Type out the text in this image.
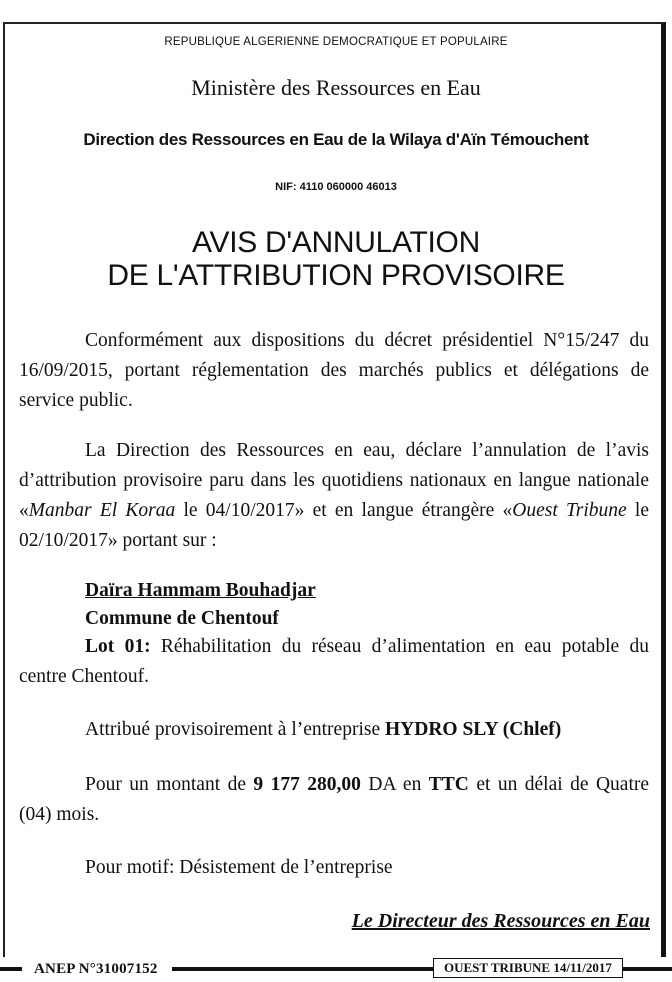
REPUBLIQUE ALGERIENNE DEMOCRATIQUE ET POPULAIRE
Ministère des Ressources en Eau
Direction des Ressources en Eau de la Wilaya d'Aïn Témouchent
NIF: 4110 060000 46013
AVIS D'ANNULATION
DE L'ATTRIBUTION PROVISOIRE
Conformément aux dispositions du décret présidentiel N°15/247 du 16/09/2015, portant réglementation des marchés publics et délégations de service public.
La Direction des Ressources en eau, déclare l’annulation de l’avis d’attribution provisoire paru dans les quotidiens nationaux en langue nationale «Manbar El Koraa le 04/10/2017» et en langue étrangère «Ouest Tribune le 02/10/2017» portant sur :
Daïra Hammam Bouhadjar
Commune de Chentouf
Lot 01: Réhabilitation du réseau d’alimentation en eau potable du centre Chentouf.
Attribué provisoirement à l’entreprise HYDRO SLY (Chlef)
Pour un montant de 9 177 280,00 DA en TTC et un délai de Quatre (04) mois.
Pour motif: Désistement de l’entreprise
Le Directeur des Ressources en Eau
ANEP N°31007152	OUEST TRIBUNE 14/11/2017
